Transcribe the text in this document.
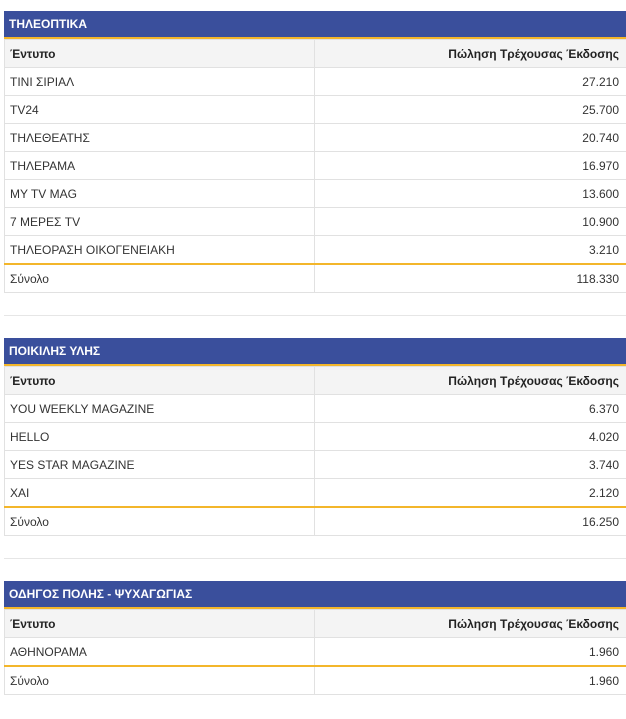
ΤΗΛΕΟΠΤΙΚΑ
Έντυπο	Πώληση Τρέχουσας Έκδοσης
ΤΙΝΙ ΣΙΡΙΑΛ	27.210
TV24	25.700
ΤΗΛΕΘΕΑΤΗΣ	20.740
ΤΗΛΕΡΑΜΑ	16.970
MY TV MAG	13.600
7 ΜΕΡΕΣ TV	10.900
ΤΗΛΕΟΡΑΣΗ ΟΙΚΟΓΕΝΕΙΑΚΗ	3.210
Σύνολο	118.330
ΠΟΙΚΙΛΗΣ ΥΛΗΣ
Έντυπο	Πώληση Τρέχουσας Έκδοσης
YOU WEEKLY MAGAZINE	6.370
HELLO	4.020
YES STAR MAGAZINE	3.740
ΧΑΙ	2.120
Σύνολο	16.250
ΟΔΗΓΟΣ ΠΟΛΗΣ - ΨΥΧΑΓΩΓΙΑΣ
Έντυπο	Πώληση Τρέχουσας Έκδοσης
ΑΘΗΝΟΡΑΜΑ	1.960
Σύνολο	1.960
